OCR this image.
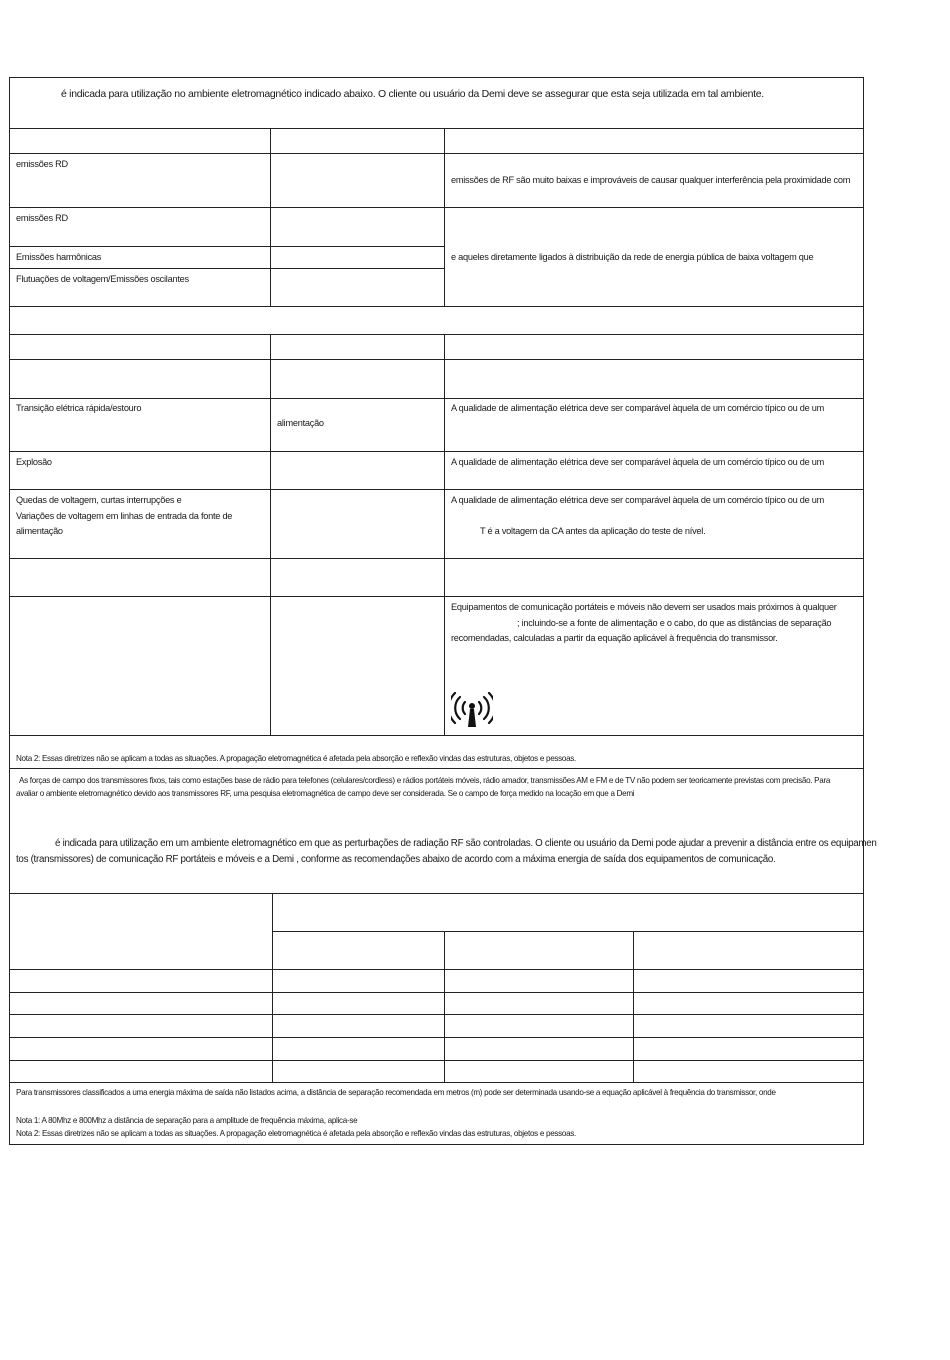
é indicada para utilização no ambiente eletromagnético indicado abaixo. O cliente ou usuário da Demi deve se assegurar que esta seja utilizada em tal ambiente.
emissões RD
emissões de RF são muito baixas e improváveis de causar qualquer interferência pela proximidade com
emissões RD
Emissões harmônicas
Flutuações de voltagem/Emissões oscilantes
e aqueles diretamente ligados à distribuição da rede de energia pública de baixa voltagem que
Transição elétrica rápida/estouro
alimentação
A qualidade de alimentação elétrica deve ser comparável àquela de um comércio típico ou de um
Explosão	A qualidade de alimentação elétrica deve ser comparável àquela de um comércio típico ou de um
Quedas de voltagem, curtas interrupções e
Variações de voltagem em linhas de entrada da fonte de
alimentação
A qualidade de alimentação elétrica deve ser comparável àquela de um comércio típico ou de um
T é a voltagem da CA antes da aplicação do teste de nível.
Equipamentos de comunicação portáteis e móveis não devem ser usados mais próximos à qualquer
; incluindo-se a fonte de alimentação e o cabo, do que as distâncias de separação
recomendadas, calculadas a partir da equação aplicável à frequência do transmissor.
Nota 2: Essas diretrizes não se aplicam a todas as situações. A propagação eletromagnética é afetada pela absorção e reflexão vindas das estruturas, objetos e pessoas.
As forças de campo dos transmissores fixos, tais como estações base de rádio para telefones (celulares/cordless) e rádios portáteis móveis, rádio amador, transmissões AM e FM e de TV não podem ser teoricamente previstas com precisão. Para
avaliar o ambiente eletromagnético devido aos transmissores RF, uma pesquisa eletromagnética de campo deve ser considerada. Se o campo de força medido na locação em que a Demi
é indicada para utilização em um ambiente eletromagnético em que as perturbações de radiação RF são controladas. O cliente ou usuário da Demi pode ajudar a prevenir a distância entre os equipamen
tos (transmissores) de comunicação RF portáteis e móveis e a Demi , conforme as recomendações abaixo de acordo com a máxima energia de saída dos equipamentos de comunicação.
Para transmissores classificados a uma energia máxima de saída não listados acima, a distância de separação recomendada em metros (m) pode ser determinada usando-se a equação aplicável à frequência do transmissor, onde
Nota 1: A 80Mhz e 800Mhz a distância de separação para a amplitude de frequência máxima, aplica-se
Nota 2: Essas diretrizes não se aplicam a todas as situações. A propagação eletromagnética é afetada pela absorção e reflexão vindas das estruturas, objetos e pessoas.
